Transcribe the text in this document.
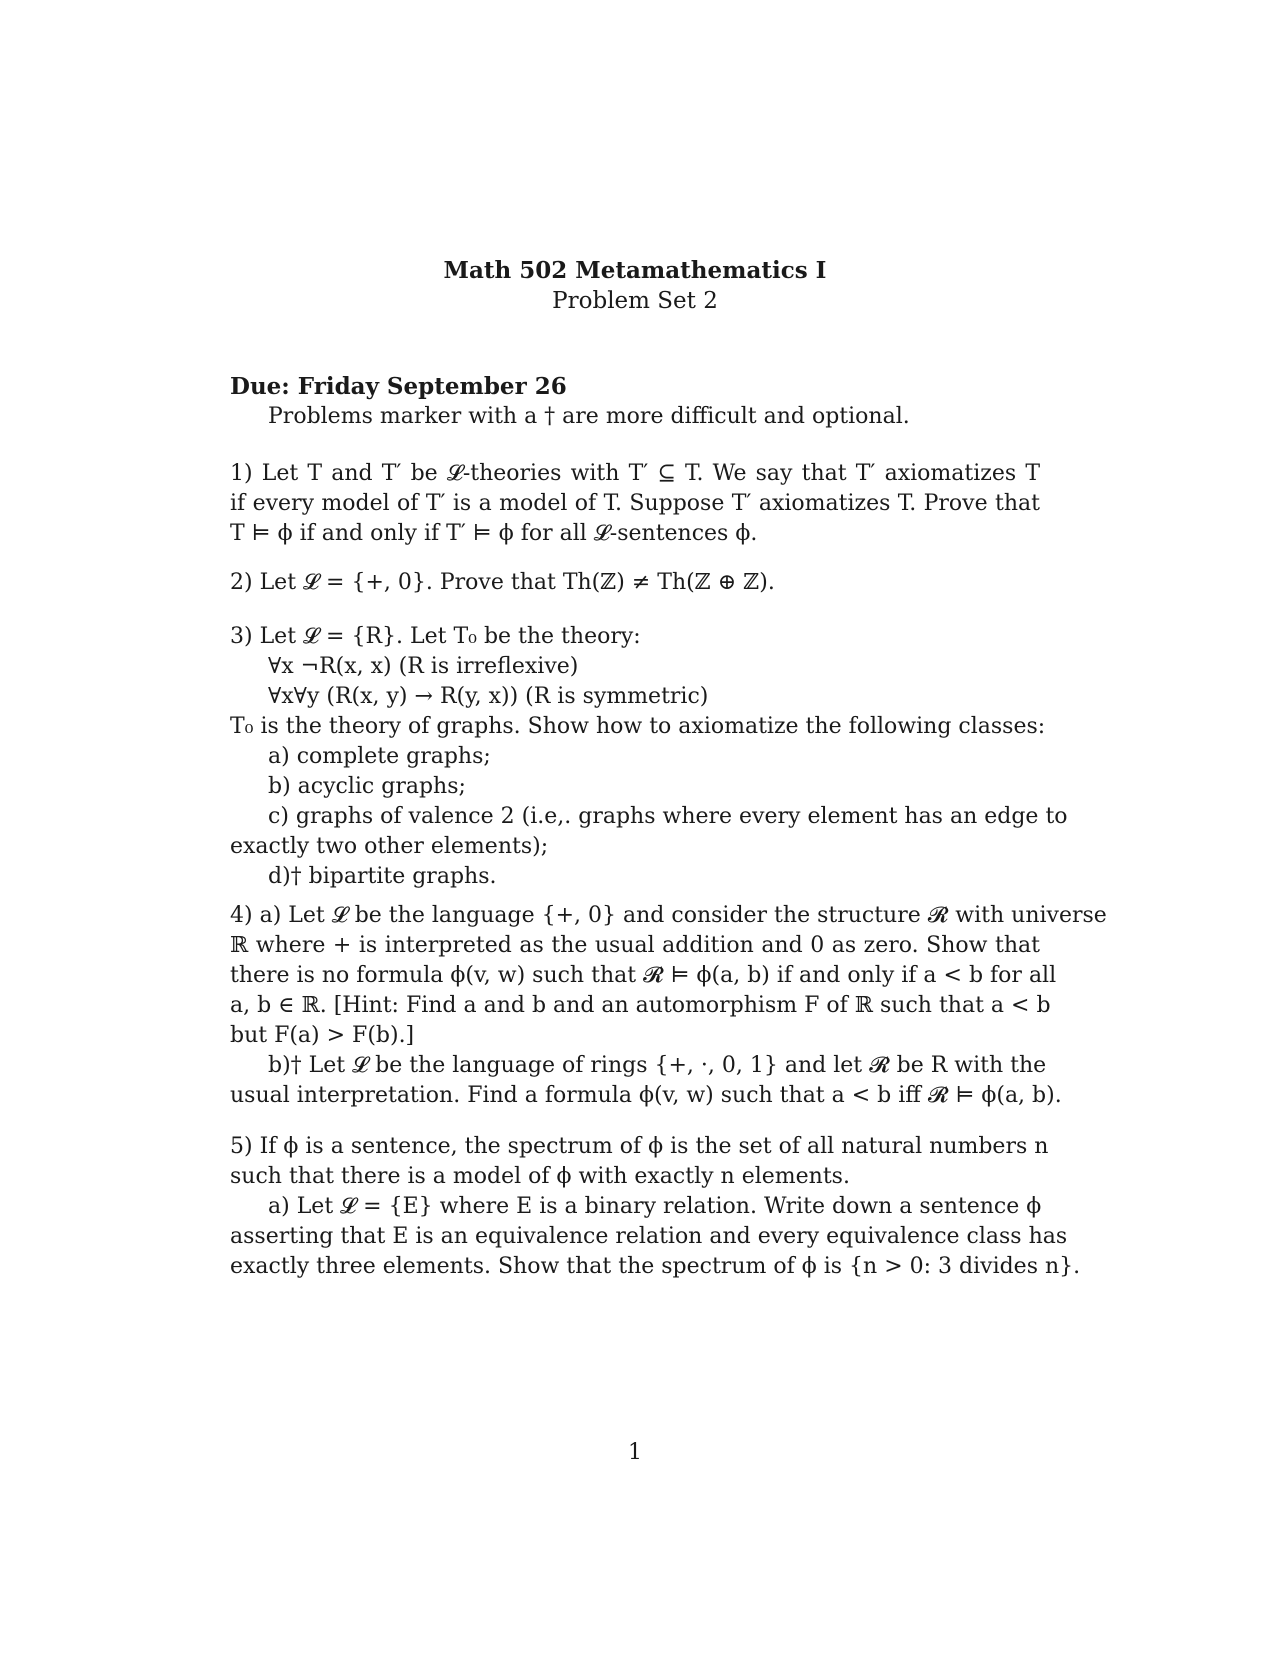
Math 502 Metamathematics I
Problem Set 2
Due: Friday September 26
Problems marker with a † are more difficult and optional.
1) Let T and T′ be 𝓛-theories with T′ ⊆ T. We say that T′ axiomatizes T
if every model of T′ is a model of T. Suppose T′ axiomatizes T. Prove that
T ⊨ ϕ if and only if T′ ⊨ ϕ for all 𝓛-sentences ϕ.
2) Let 𝓛 = {+, 0}. Prove that Th(ℤ) ≠ Th(ℤ ⊕ ℤ).
3) Let 𝓛 = {R}. Let T₀ be the theory:
∀x ¬R(x, x) (R is irreflexive)
∀x∀y (R(x, y) → R(y, x)) (R is symmetric)
T₀ is the theory of graphs. Show how to axiomatize the following classes:
a) complete graphs;
b) acyclic graphs;
c) graphs of valence 2 (i.e,. graphs where every element has an edge to
exactly two other elements);
d)† bipartite graphs.
4) a) Let 𝓛 be the language {+, 0} and consider the structure 𝓡 with universe
ℝ where + is interpreted as the usual addition and 0 as zero. Show that
there is no formula ϕ(v, w) such that 𝓡 ⊨ ϕ(a, b) if and only if a < b for all
a, b ∈ ℝ. [Hint: Find a and b and an automorphism F of ℝ such that a < b
but F(a) > F(b).]
b)† Let 𝓛 be the language of rings {+, ·, 0, 1} and let 𝓡 be R with the
usual interpretation. Find a formula ϕ(v, w) such that a < b iff 𝓡 ⊨ ϕ(a, b).
5) If ϕ is a sentence, the spectrum of ϕ is the set of all natural numbers n
such that there is a model of ϕ with exactly n elements.
a) Let 𝓛 = {E} where E is a binary relation. Write down a sentence ϕ
asserting that E is an equivalence relation and every equivalence class has
exactly three elements. Show that the spectrum of ϕ is {n > 0: 3 divides n}.
1
